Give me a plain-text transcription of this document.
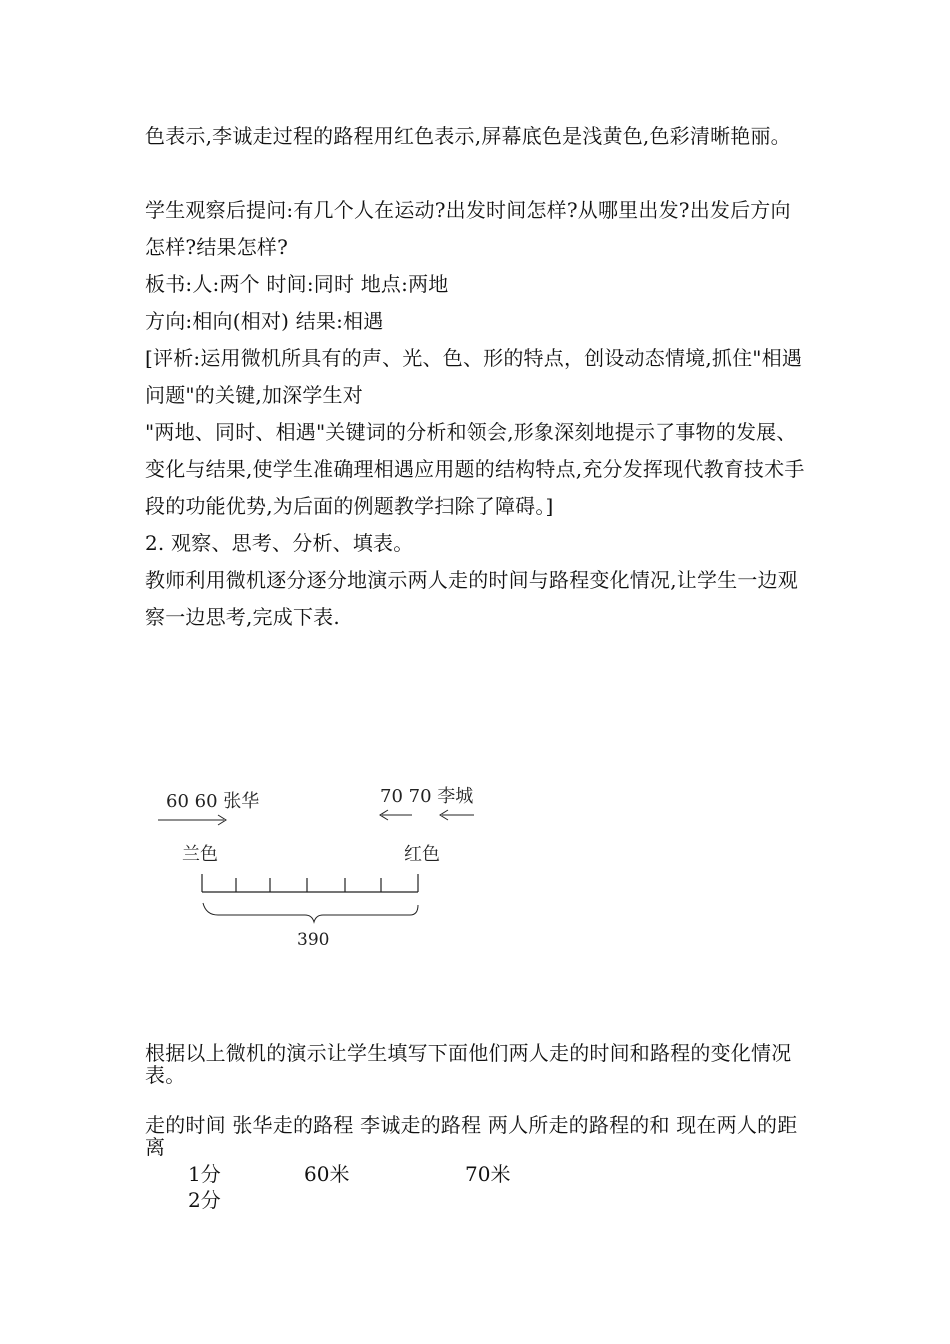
色表示,李诚走过程的路程用红色表示,屏幕底色是浅黄色,色彩清晰艳丽。

学生观察后提问:有几个人在运动?出发时间怎样?从哪里出发?出发后方向怎样?结果怎样?

板书:人:两个 时间:同时 地点:两地

方向:相向(相对) 结果:相遇

[评析:运用微机所具有的声、光、色、形的特点，创设动态情境,抓住"相遇问题"的关键,加深学生对

"两地、同时、相遇"关键词的分析和领会,形象深刻地提示了事物的发展、变化与结果,使学生准确理相遇应用题的结构特点,充分发挥现代教育技术手段的功能优势,为后面的例题教学扫除了障碍。]

2. 观察、思考、分析、填表。

教师利用微机逐分逐分地演示两人走的时间与路程变化情况,让学生一边观察一边思考,完成下表.

60 60 张华	70 70 李城
兰色	红色
390

根据以上微机的演示让学生填写下面他们两人走的时间和路程的变化情况表。

走的时间 张华走的路程 李诚走的路程 两人所走的路程的和 现在两人的距离

1分	60米	70米
2分
